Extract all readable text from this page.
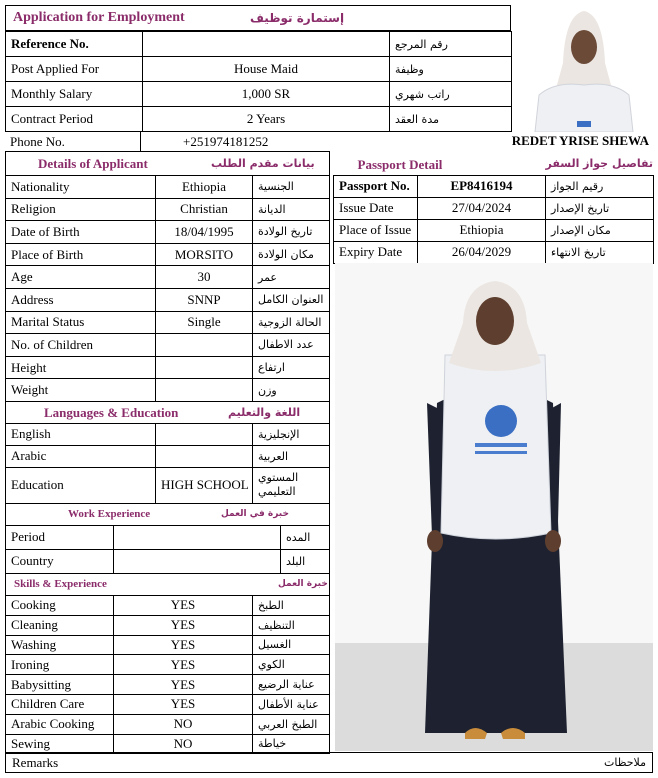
Application for Employment	إستمارة توظيف
Reference No.		رقم المرجع
Post Applied For	House Maid	وظيفة
Monthly Salary	1,000 SR	راتب شهري
Contract Period	2 Years	مدة العقد
Phone No.	+251974181252	REDET YRISE SHEWA
Details of Applicant بيانات مقدم الطلب				

Nationality		Ethiopia	الجنسية	
Religion		Christian	الديانة	
Date of Birth		18/04/1995	تاريخ الولادة	
Place of Birth		MORSITO	مكان الولادة	
Age		30	عمر	
Address		SNNP	العنوان الكامل	
Marital Status		Single	الحالة الزوجية	
No. of Children			عدد الاطفال	
Height			ارتفاع	
Weight			وزن	

Languages & Education اللغة والتعليم				

English			الإنجليزية	
Arabic			العربية	
Education		HIGH SCHOOL	المستوي التعليمي	

Work Experience خبرة في العمل				

Period				المده
Country				البلد

Skills & Experience خبرة العمل				

Cooking	YES		الطبخ	
Cleaning	YES		التنظيف	
Washing	YES		الغسيل	
Ironing	YES		الكوي	
Babysitting	YES		عناية الرضيع	
Children Care	YES		عناية الأطفال	
Arabic Cooking	NO		الطبخ العربي	
Sewing	NO		خياطة	
Passport Detail تفاصيل جواز السفر		

Passport No.	EP8416194	رقيم الجواز
Issue Date	27/04/2024	تاريخ الإصدار
Place of Issue	Ethiopia	مكان الإصدار
Expiry Date	26/04/2029	تاريخ الانتهاء
Remarks	ملاحظات
